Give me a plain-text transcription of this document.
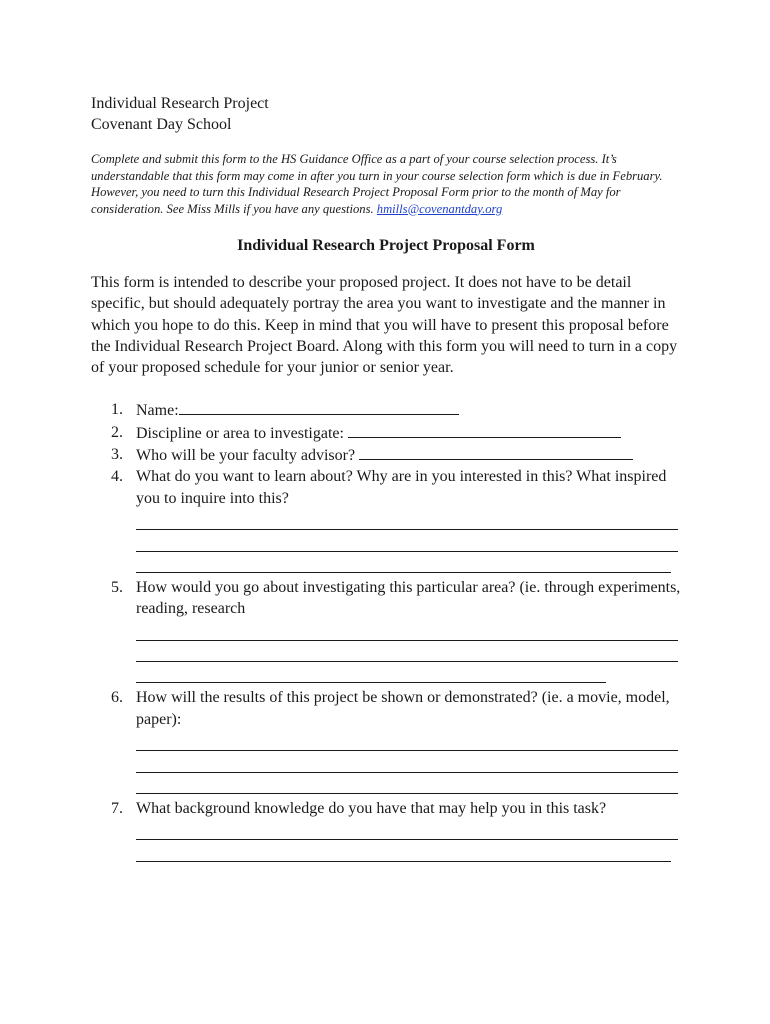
Individual Research Project
Covenant Day School
Complete and submit this form to the HS Guidance Office as a part of your course selection process. It’s understandable that this form may come in after you turn in your course selection form which is due in February. However, you need to turn this Individual Research Project Proposal Form prior to the month of May for consideration. See Miss Mills if you have any questions. hmills@covenantday.org
Individual Research Project Proposal Form
This form is intended to describe your proposed project. It does not have to be detail specific, but should adequately portray the area you want to investigate and the manner in which you hope to do this. Keep in mind that you will have to present this proposal before the Individual Research Project Board. Along with this form you will need to turn in a copy of your proposed schedule for your junior or senior year.
1. Name:
2. Discipline or area to investigate:
3. Who will be your faculty advisor?
4. What do you want to learn about? Why are in you interested in this? What inspired you to inquire into this?
5. How would you go about investigating this particular area? (ie. through experiments, reading, research
6. How will the results of this project be shown or demonstrated? (ie. a movie, model, paper):
7. What background knowledge do you have that may help you in this task?
